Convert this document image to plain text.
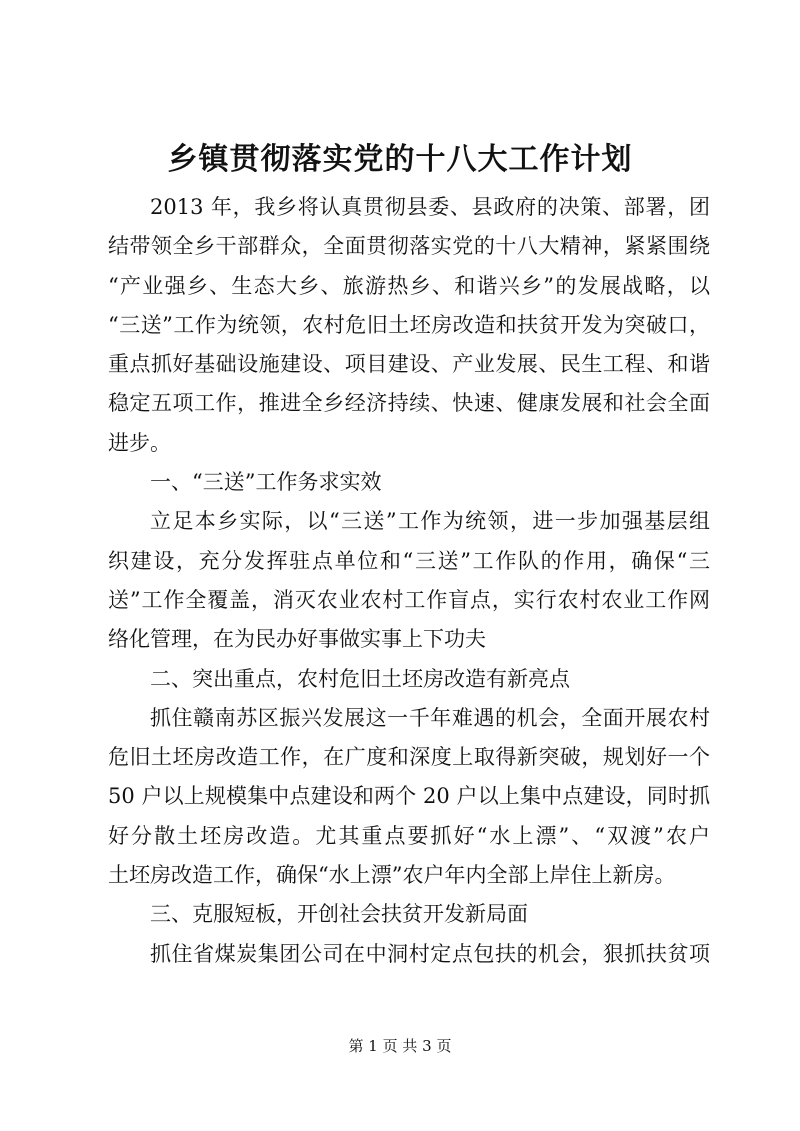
乡镇贯彻落实党的十八大工作计划
2013 年，我乡将认真贯彻县委、县政府的决策、部署，团
结带领全乡干部群众，全面贯彻落实党的十八大精神，紧紧围绕
“产业强乡、生态大乡、旅游热乡、和谐兴乡”的发展战略，以
“三送”工作为统领，农村危旧土坯房改造和扶贫开发为突破口，
重点抓好基础设施建设、项目建设、产业发展、民生工程、和谐
稳定五项工作，推进全乡经济持续、快速、健康发展和社会全面
进步。
一、“三送”工作务求实效
立足本乡实际，以“三送”工作为统领，进一步加强基层组
织建设，充分发挥驻点单位和“三送”工作队的作用，确保“三
送”工作全覆盖，消灭农业农村工作盲点，实行农村农业工作网
络化管理，在为民办好事做实事上下功夫
二、突出重点，农村危旧土坯房改造有新亮点
抓住赣南苏区振兴发展这一千年难遇的机会，全面开展农村
危旧土坯房改造工作，在广度和深度上取得新突破，规划好一个
50 户以上规模集中点建设和两个 20 户以上集中点建设，同时抓
好分散土坯房改造。尤其重点要抓好“水上漂”、“双渡”农户
土坯房改造工作，确保“水上漂”农户年内全部上岸住上新房。
三、克服短板，开创社会扶贫开发新局面
抓住省煤炭集团公司在中洞村定点包扶的机会，狠抓扶贫项
第 1 页 共 3 页
